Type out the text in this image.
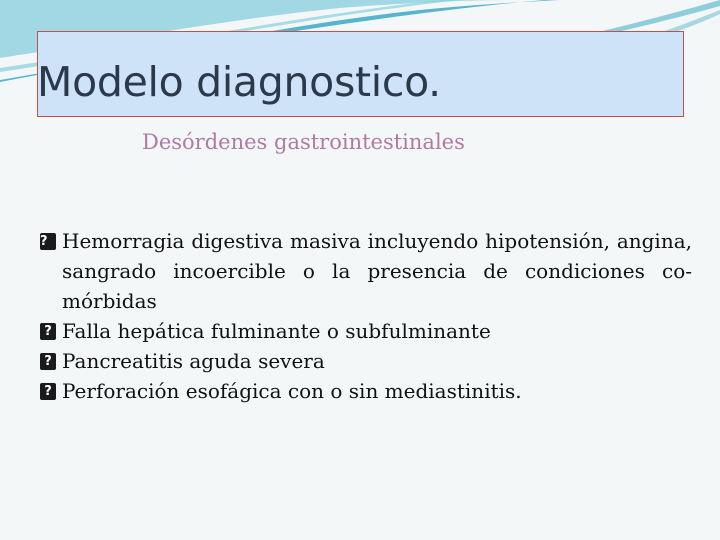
Modelo diagnostico.
Desórdenes gastrointestinales
? Hemorragia digestiva masiva incluyendo hipotensión, angina, sangrado incoercible o la presencia de condiciones co-mórbidas
? Falla hepática fulminante o subfulminante
? Pancreatitis aguda severa
? Perforación esofágica con o sin mediastinitis.
